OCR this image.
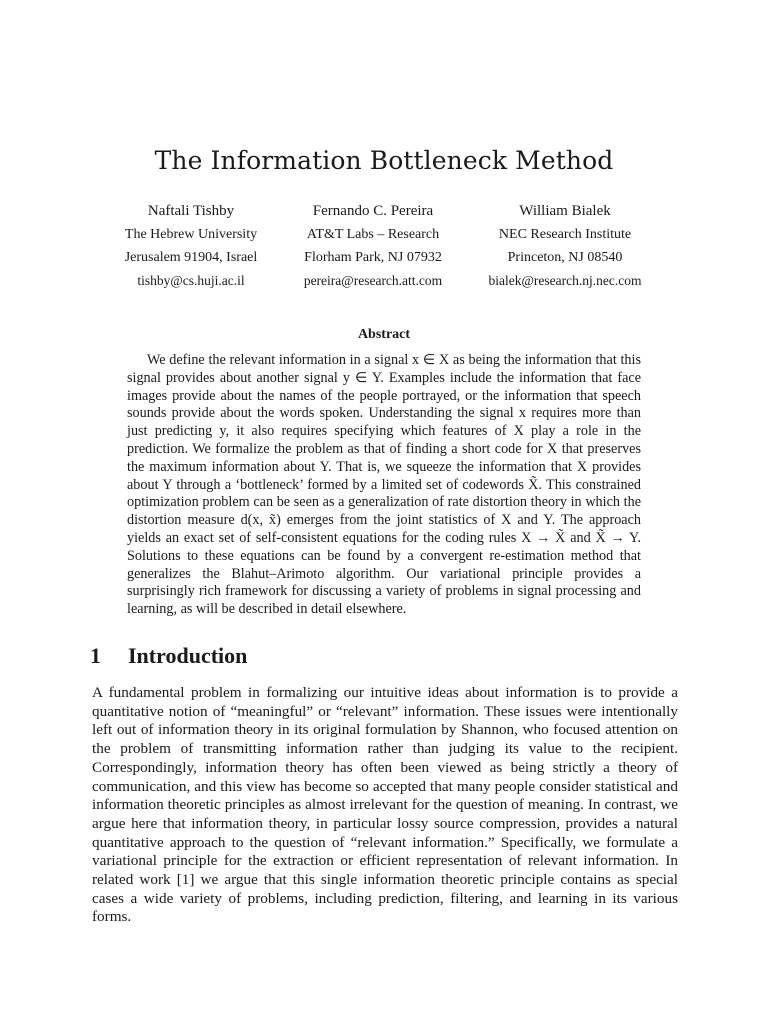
The Information Bottleneck Method
Naftali Tishby
The Hebrew University
Jerusalem 91904, Israel
tishby@cs.huji.ac.il
Fernando C. Pereira
AT&T Labs – Research
Florham Park, NJ 07932
pereira@research.att.com
William Bialek
NEC Research Institute
Princeton, NJ 08540
bialek@research.nj.nec.com
Abstract

We define the relevant information in a signal x ∈ X as being the information that this signal provides about another signal y ∈ Y. Examples include the information that face images provide about the names of the people portrayed, or the information that speech sounds provide about the words spoken. Understanding the signal x requires more than just predicting y, it also requires specifying which features of X play a role in the prediction. We formalize the problem as that of finding a short code for X that preserves the maximum information about Y. That is, we squeeze the information that X provides about Y through a ‘bottleneck’ formed by a limited set of codewords X̃. This constrained optimization problem can be seen as a generalization of rate distortion theory in which the distortion measure d(x, x̃) emerges from the joint statistics of X and Y. The approach yields an exact set of self-consistent equations for the coding rules X → X̃ and X̃ → Y. Solutions to these equations can be found by a convergent re-estimation method that generalizes the Blahut–Arimoto algorithm. Our variational principle provides a surprisingly rich framework for discussing a variety of problems in signal processing and learning, as will be described in detail elsewhere.

1 Introduction

A fundamental problem in formalizing our intuitive ideas about information is to provide a quantitative notion of “meaningful” or “relevant” information. These issues were intentionally left out of information theory in its original formulation by Shannon, who focused attention on the problem of transmitting information rather than judging its value to the recipient. Correspondingly, information theory has often been viewed as being strictly a theory of communication, and this view has become so accepted that many people consider statistical and information theoretic principles as almost irrelevant for the question of meaning. In contrast, we argue here that information theory, in particular lossy source compression, provides a natural quantitative approach to the question of “relevant information.” Specifically, we formulate a variational principle for the extraction or efficient representation of relevant information. In related work [1] we argue that this single information theoretic principle contains as special cases a wide variety of problems, including prediction, filtering, and learning in its various forms.
